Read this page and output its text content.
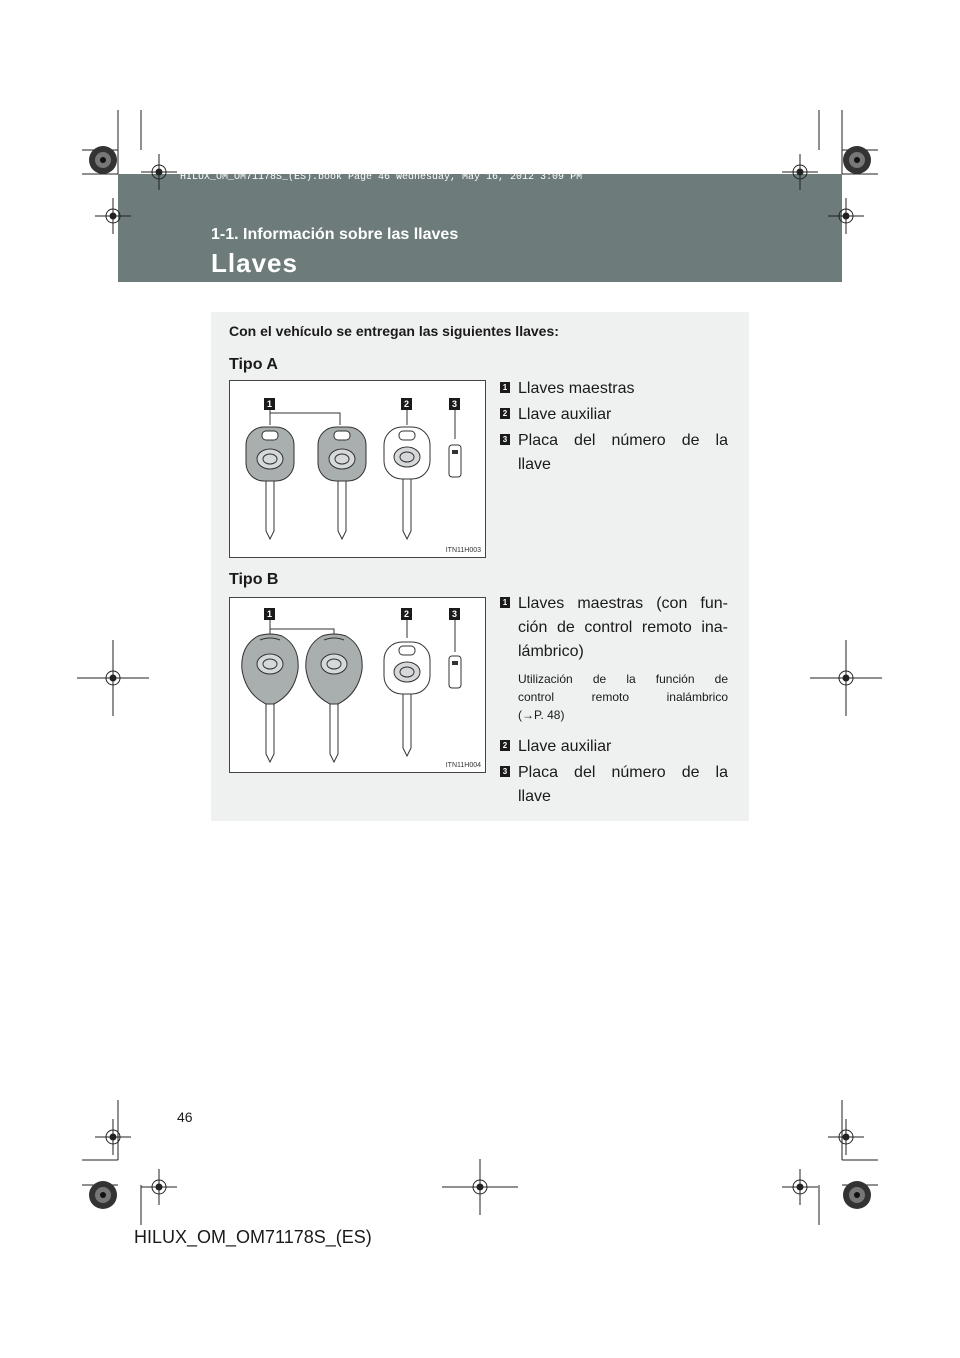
HILUX_OM_OM71178S_(ES).book Page 46 Wednesday, May 16, 2012 3:09 PM
1-1. Información sobre las llaves
Llaves
Con el vehículo se entregan las siguientes llaves:
Tipo A
1	2	3
ITN11H003
1 Llaves maestras
2 Llave auxiliar
3 Placa del número de la
llave
Tipo B
1	2	3
ITN11H004
1 Llaves maestras (con fun-
ción de control remoto ina-
lámbrico)
Utilización de la función de
control remoto inalámbrico
(→P. 48)
2 Llave auxiliar
3 Placa del número de la
llave
46
HILUX_OM_OM71178S_(ES)
